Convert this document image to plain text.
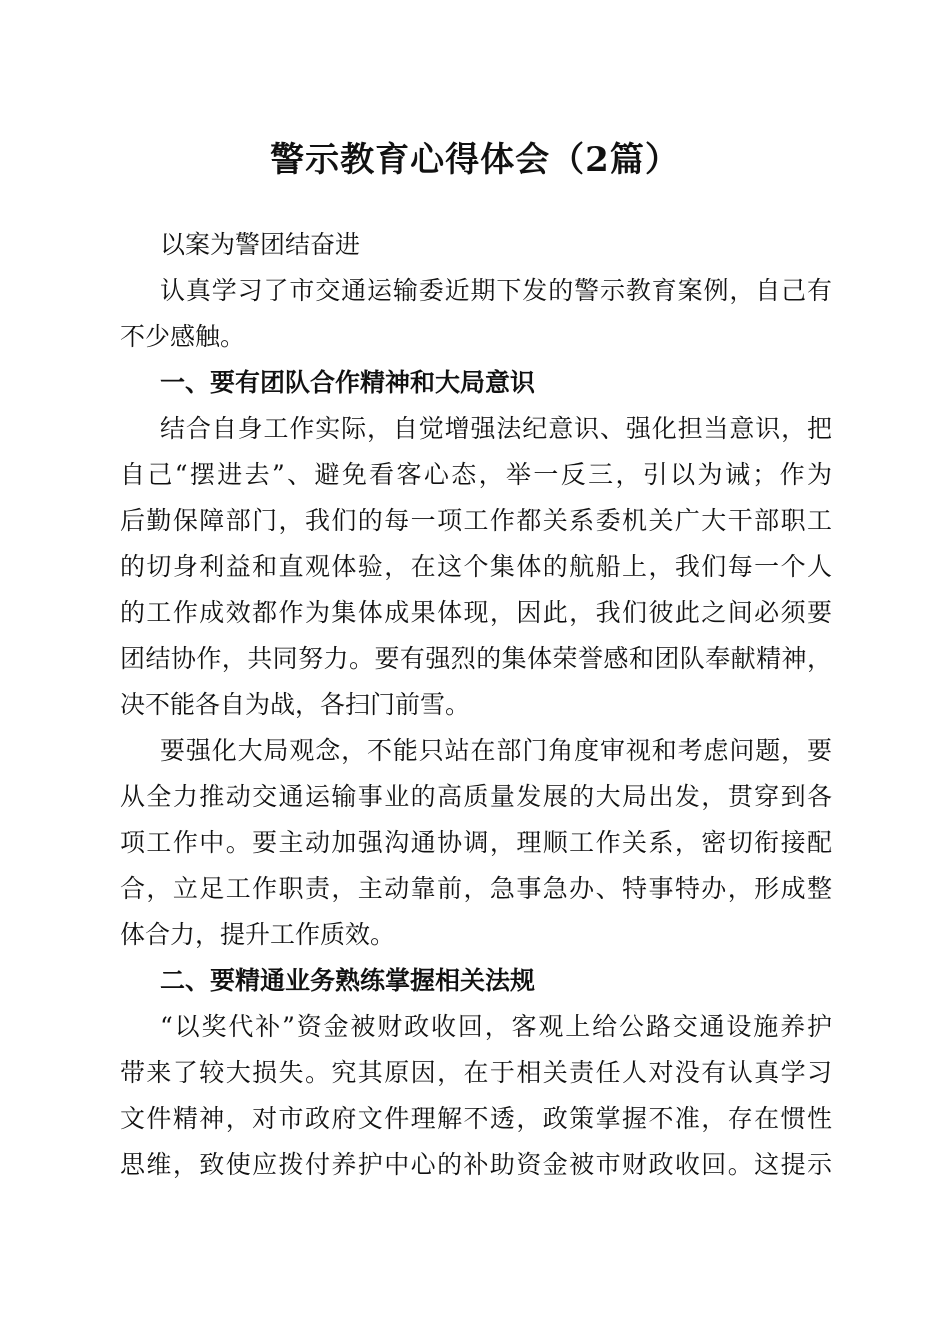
警示教育心得体会（2篇）
以案为警团结奋进
认真学习了市交通运输委近期下发的警示教育案例，自己有
不少感触。
一、要有团队合作精神和大局意识
结合自身工作实际，自觉增强法纪意识、强化担当意识，把
自己“摆进去”、避免看客心态，举一反三，引以为诫；作为
后勤保障部门，我们的每一项工作都关系委机关广大干部职工
的切身利益和直观体验，在这个集体的航船上，我们每一个人
的工作成效都作为集体成果体现，因此，我们彼此之间必须要
团结协作，共同努力。要有强烈的集体荣誉感和团队奉献精神，
决不能各自为战，各扫门前雪。
要强化大局观念，不能只站在部门角度审视和考虑问题，要
从全力推动交通运输事业的高质量发展的大局出发，贯穿到各
项工作中。要主动加强沟通协调，理顺工作关系，密切衔接配
合，立足工作职责，主动靠前，急事急办、特事特办，形成整
体合力，提升工作质效。
二、要精通业务熟练掌握相关法规
“以奖代补”资金被财政收回，客观上给公路交通设施养护
带来了较大损失。究其原因，在于相关责任人对没有认真学习
文件精神，对市政府文件理解不透，政策掌握不准，存在惯性
思维，致使应拨付养护中心的补助资金被市财政收回。这提示
